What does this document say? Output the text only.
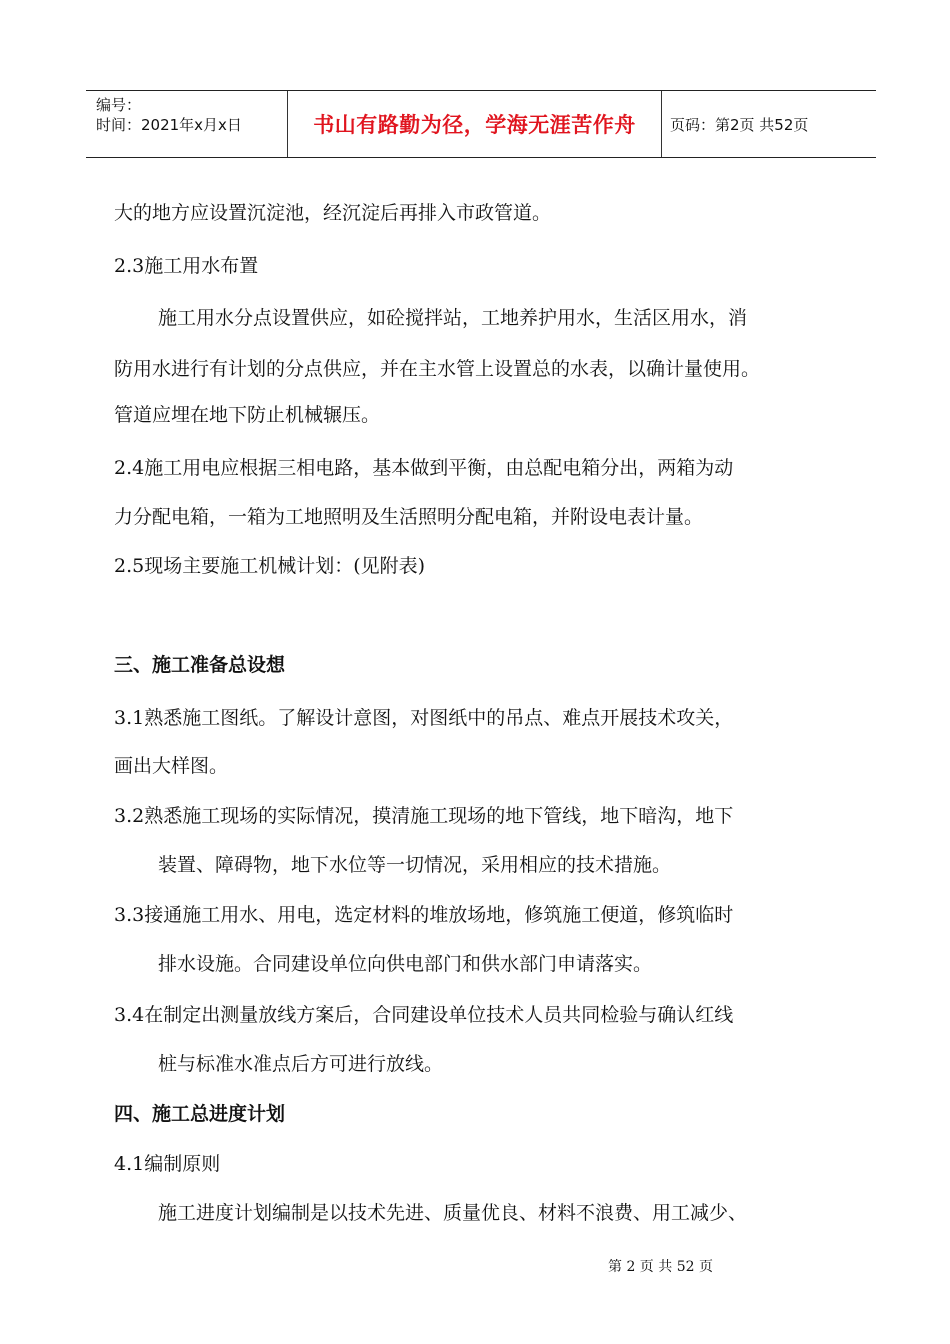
编号：
时间：2021年x月x日	书山有路勤为径，学海无涯苦作舟	页码：第2页 共52页
大的地方应设置沉淀池，经沉淀后再排入市政管道。
2.3施工用水布置
施工用水分点设置供应，如砼搅拌站，工地养护用水，生活区用水，消
防用水进行有计划的分点供应，并在主水管上设置总的水表，以确计量使用。
管道应埋在地下防止机械辗压。
2.4施工用电应根据三相电路，基本做到平衡，由总配电箱分出，两箱为动
力分配电箱，一箱为工地照明及生活照明分配电箱，并附设电表计量。
2.5现场主要施工机械计划：(见附表)
三、施工准备总设想
3.1熟悉施工图纸。了解设计意图，对图纸中的吊点、难点开展技术攻关，
画出大样图。
3.2熟悉施工现场的实际情况，摸清施工现场的地下管线，地下暗沟，地下
装置、障碍物，地下水位等一切情况，采用相应的技术措施。
3.3接通施工用水、用电，选定材料的堆放场地，修筑施工便道，修筑临时
排水设施。合同建设单位向供电部门和供水部门申请落实。
3.4在制定出测量放线方案后，合同建设单位技术人员共同检验与确认红线
桩与标准水准点后方可进行放线。
四、施工总进度计划
4.1编制原则
施工进度计划编制是以技术先进、质量优良、材料不浪费、用工减少、
第 2 页 共 52 页
